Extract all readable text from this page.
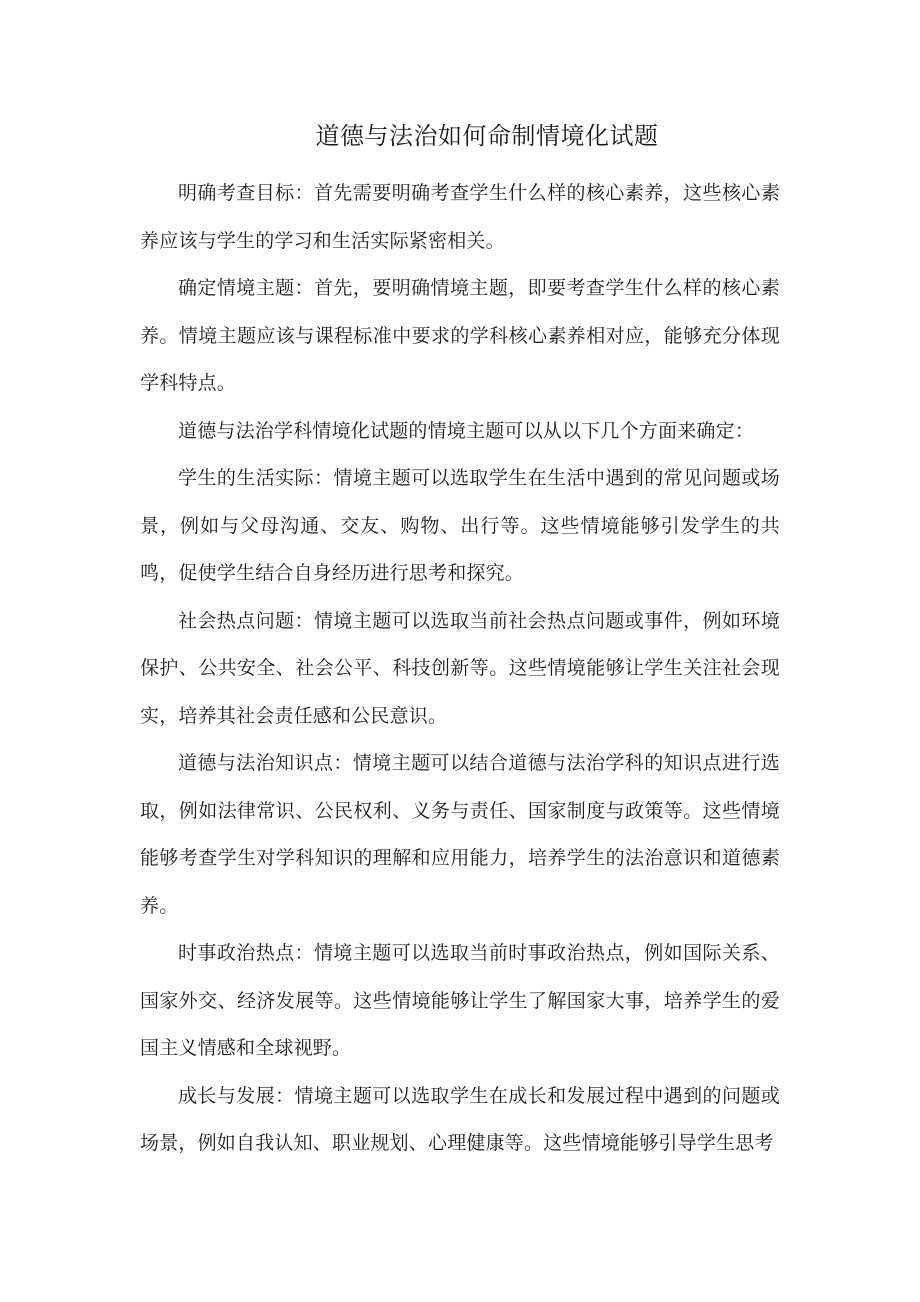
道德与法治如何命制情境化试题

明确考查目标：首先需要明确考查学生什么样的核心素养，这些核心素养应该与学生的学习和生活实际紧密相关。

确定情境主题：首先，要明确情境主题，即要考查学生什么样的核心素养。情境主题应该与课程标准中要求的学科核心素养相对应，能够充分体现学科特点。

道德与法治学科情境化试题的情境主题可以从以下几个方面来确定：

学生的生活实际：情境主题可以选取学生在生活中遇到的常见问题或场景，例如与父母沟通、交友、购物、出行等。这些情境能够引发学生的共鸣，促使学生结合自身经历进行思考和探究。

社会热点问题：情境主题可以选取当前社会热点问题或事件，例如环境保护、公共安全、社会公平、科技创新等。这些情境能够让学生关注社会现实，培养其社会责任感和公民意识。

道德与法治知识点：情境主题可以结合道德与法治学科的知识点进行选取，例如法律常识、公民权利、义务与责任、国家制度与政策等。这些情境能够考查学生对学科知识的理解和应用能力，培养学生的法治意识和道德素养。

时事政治热点：情境主题可以选取当前时事政治热点，例如国际关系、国家外交、经济发展等。这些情境能够让学生了解国家大事，培养学生的爱国主义情感和全球视野。

成长与发展：情境主题可以选取学生在成长和发展过程中遇到的问题或场景，例如自我认知、职业规划、心理健康等。这些情境能够引导学生思考
